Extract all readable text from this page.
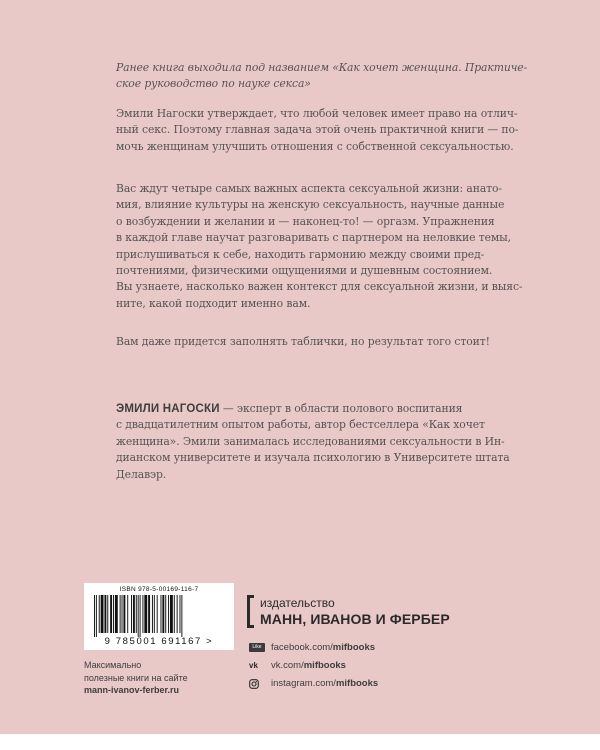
Ранее книга выходила под названием «Как хочет женщина. Практиче-
ское руководство по науке секса»
Эмили Нагоски утверждает, что любой человек имеет право на отлич-
ный секс. Поэтому главная задача этой очень практичной книги — по-
мочь женщинам улучшить отношения с собственной сексуальностью.
Вас ждут четыре самых важных аспекта сексуальной жизни: анато-
мия, влияние культуры на женскую сексуальность, научные данные
о возбуждении и желании и — наконец-то! — оргазм. Упражнения
в каждой главе научат разговаривать с партнером на неловкие темы,
прислушиваться к себе, находить гармонию между своими пред-
почтениями, физическими ощущениями и душевным состоянием.
Вы узнаете, насколько важен контекст для сексуальной жизни, и выяс-
ните, какой подходит именно вам.
Вам даже придется заполнять таблички, но результат того стоит!
ЭМИЛИ НАГОСКИ — эксперт в области полового воспитания
с двадцатилетним опытом работы, автор бестселлера «Как хочет
женщина». Эмили занималась исследованиями сексуальности в Ин-
дианском университете и изучала психологию в Университете штата
Делавэр.
ISBN 978-5-00169-116-7
9 785001 691167 >
Максимально
полезные книги на сайте
mann-ivanov-ferber.ru
издательство
МАНН, ИВАНОВ И ФЕРБЕР
Like facebook.com/ mifbooks
vk vk.com/ mifbooks
instagram.com/ mifbooks
